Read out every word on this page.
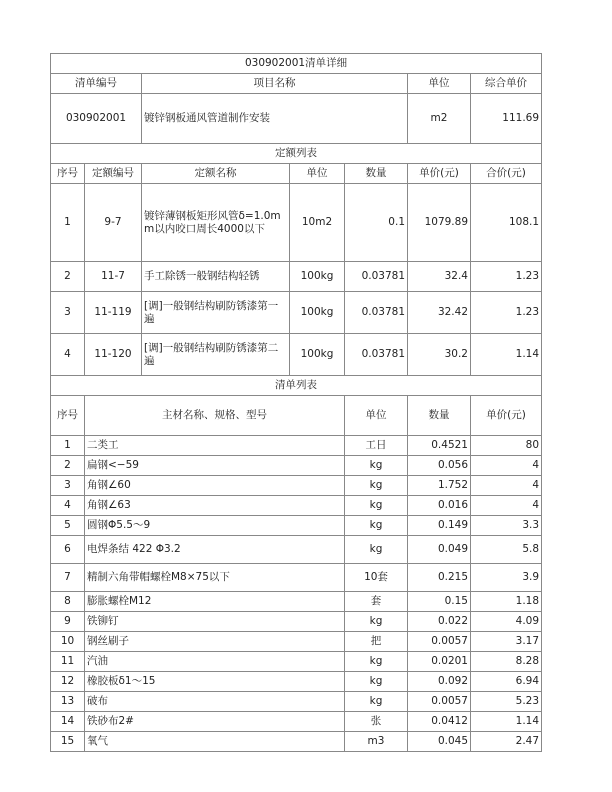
030902001清单详细							
清单编号		项目名称			单位	综合单价	
030902001		镀锌钢板通风管道制作安装			m2	111.69	
定额列表							
序号	定额编号	定额名称	单位	数量	单价(元)	合价(元)	
1	9-7	镀锌薄钢板矩形风管δ=1.0mm以内咬口周长4000以下	10m2	0.1	1079.89	108.1	
2	11-7	手工除锈一般钢结构轻锈	100kg	0.03781	32.4	1.23	
3	11-119	[调]一般钢结构刷防锈漆第一遍	100kg	0.03781	32.42	1.23	
4	11-120	[调]一般钢结构刷防锈漆第二遍	100kg	0.03781	30.2	1.14	
清单列表							
序号	主材名称、规格、型号			单位	数量	单价(元)	
1	二类工			工日	0.4521	80	
2	扁钢<−59			kg	0.056	4	
3	角钢∠60			kg	1.752	4	
4	角钢∠63			kg	0.016	4	
5	圆钢Φ5.5～9			kg	0.149	3.3	
6	电焊条结 422 Φ3.2			kg	0.049	5.8	
7	精制六角带帽螺栓M8×75以下			10套	0.215	3.9	
8	膨胀螺栓M12			套	0.15	1.18	
9	铁铆钉			kg	0.022	4.09	
10	钢丝刷子			把	0.0057	3.17	
11	汽油			kg	0.0201	8.28	
12	橡胶板δ1～15			kg	0.092	6.94	
13	破布			kg	0.0057	5.23	
14	铁砂布2#			张	0.0412	1.14	
15	氧气			m3	0.045	2.47	
